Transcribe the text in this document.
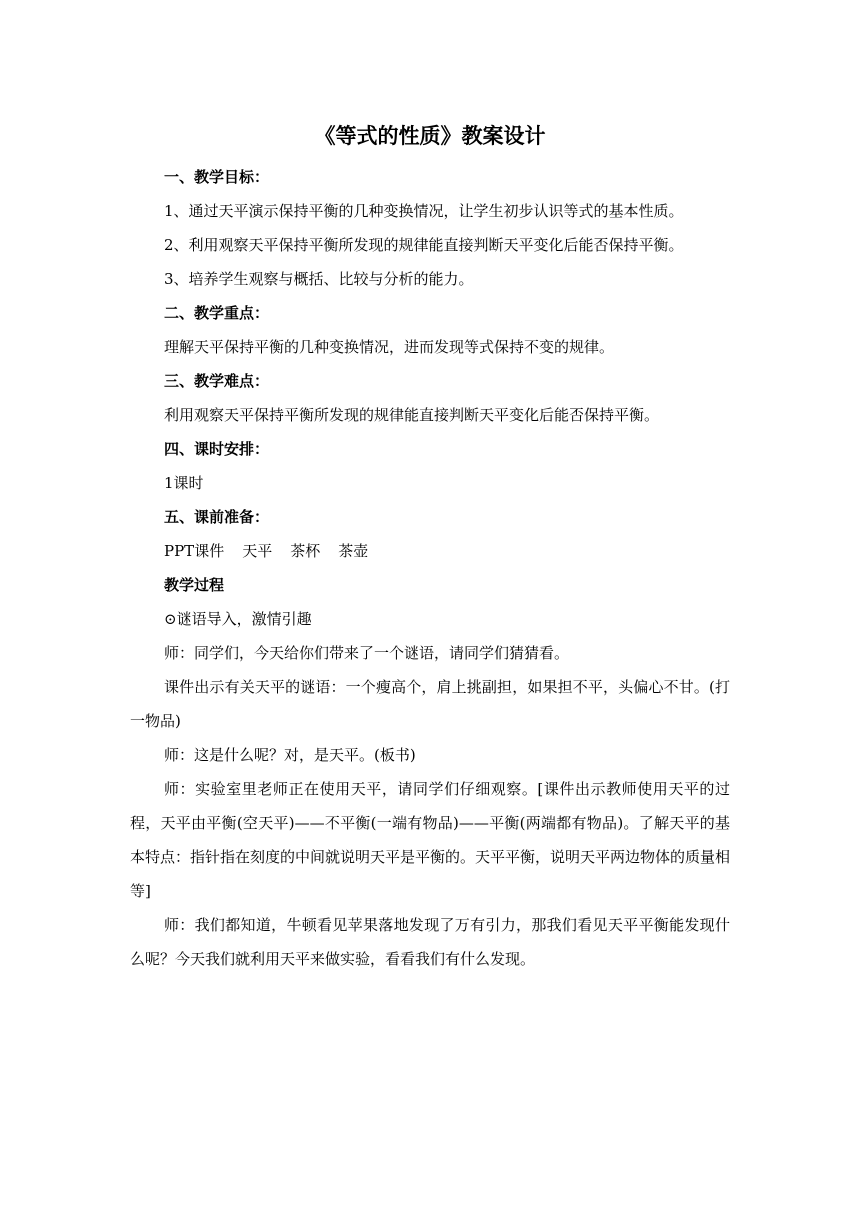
《等式的性质》教案设计

一、教学目标：

1、通过天平演示保持平衡的几种变换情况，让学生初步认识等式的基本性质。

2、利用观察天平保持平衡所发现的规律能直接判断天平变化后能否保持平衡。

3、培养学生观察与概括、比较与分析的能力。

二、教学重点：

理解天平保持平衡的几种变换情况，进而发现等式保持不变的规律。

三、教学难点：

利用观察天平保持平衡所发现的规律能直接判断天平变化后能否保持平衡。

四、课时安排：

1课时

五、课前准备：

PPT课件 天平 茶杯 茶壶

教学过程

⊙谜语导入，激情引趣

师：同学们，今天给你们带来了一个谜语，请同学们猜猜看。

课件出示有关天平的谜语：一个瘦高个，肩上挑副担，如果担不平，头偏心不甘。(打一物品)

师：这是什么呢？对，是天平。(板书)

师：实验室里老师正在使用天平，请同学们仔细观察。[课件出示教师使用天平的过程，天平由平衡(空天平)——不平衡(一端有物品)——平衡(两端都有物品)。了解天平的基本特点：指针指在刻度的中间就说明天平是平衡的。天平平衡，说明天平两边物体的质量相等]

师：我们都知道，牛顿看见苹果落地发现了万有引力，那我们看见天平平衡能发现什么呢？今天我们就利用天平来做实验，看看我们有什么发现。
